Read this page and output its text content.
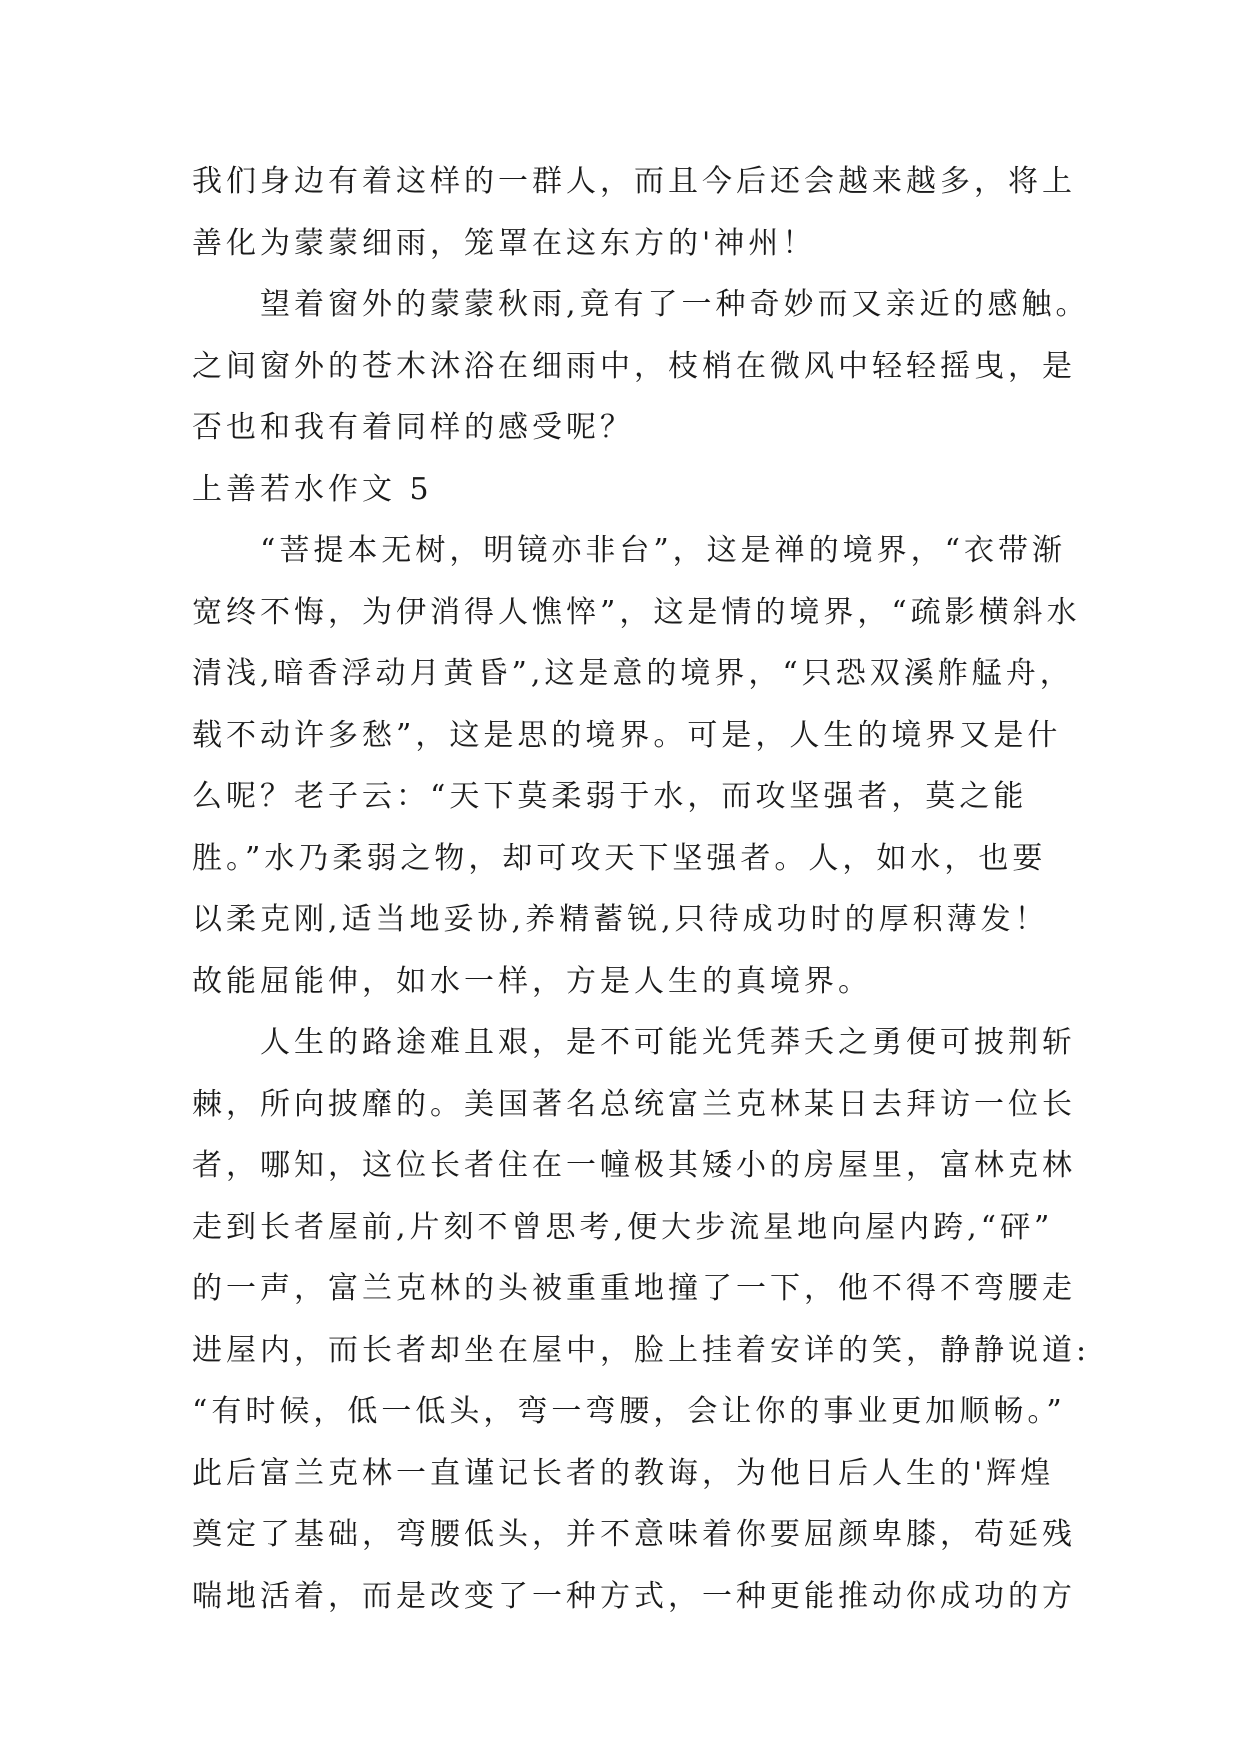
我们身边有着这样的一群人，而且今后还会越来越多，将上
善化为蒙蒙细雨，笼罩在这东方的'神州！
　　望着窗外的蒙蒙秋雨,竟有了一种奇妙而又亲近的感触。
之间窗外的苍木沐浴在细雨中，枝梢在微风中轻轻摇曳，是
否也和我有着同样的感受呢？
上善若水作文 5
　　“菩提本无树，明镜亦非台”，这是禅的境界，“衣带渐
宽终不悔，为伊消得人憔悴”，这是情的境界，“疏影横斜水
清浅,暗香浮动月黄昏”,这是意的境界，“只恐双溪舴艋舟，
载不动许多愁”，这是思的境界。可是，人生的境界又是什
么呢？老子云：“天下莫柔弱于水，而攻坚强者，莫之能
胜。”水乃柔弱之物，却可攻天下坚强者。人，如水，也要
以柔克刚,适当地妥协,养精蓄锐,只待成功时的厚积薄发！
故能屈能伸，如水一样，方是人生的真境界。
　　人生的路途难且艰，是不可能光凭莽夭之勇便可披荆斩
棘，所向披靡的。美国著名总统富兰克林某日去拜访一位长
者，哪知，这位长者住在一幢极其矮小的房屋里，富林克林
走到长者屋前,片刻不曾思考,便大步流星地向屋内跨,“砰”
的一声，富兰克林的头被重重地撞了一下，他不得不弯腰走
进屋内，而长者却坐在屋中，脸上挂着安详的笑，静静说道:
“有时候，低一低头，弯一弯腰，会让你的事业更加顺畅。”
此后富兰克林一直谨记长者的教诲，为他日后人生的'辉煌
奠定了基础，弯腰低头，并不意味着你要屈颜卑膝，苟延残
喘地活着，而是改变了一种方式，一种更能推动你成功的方
